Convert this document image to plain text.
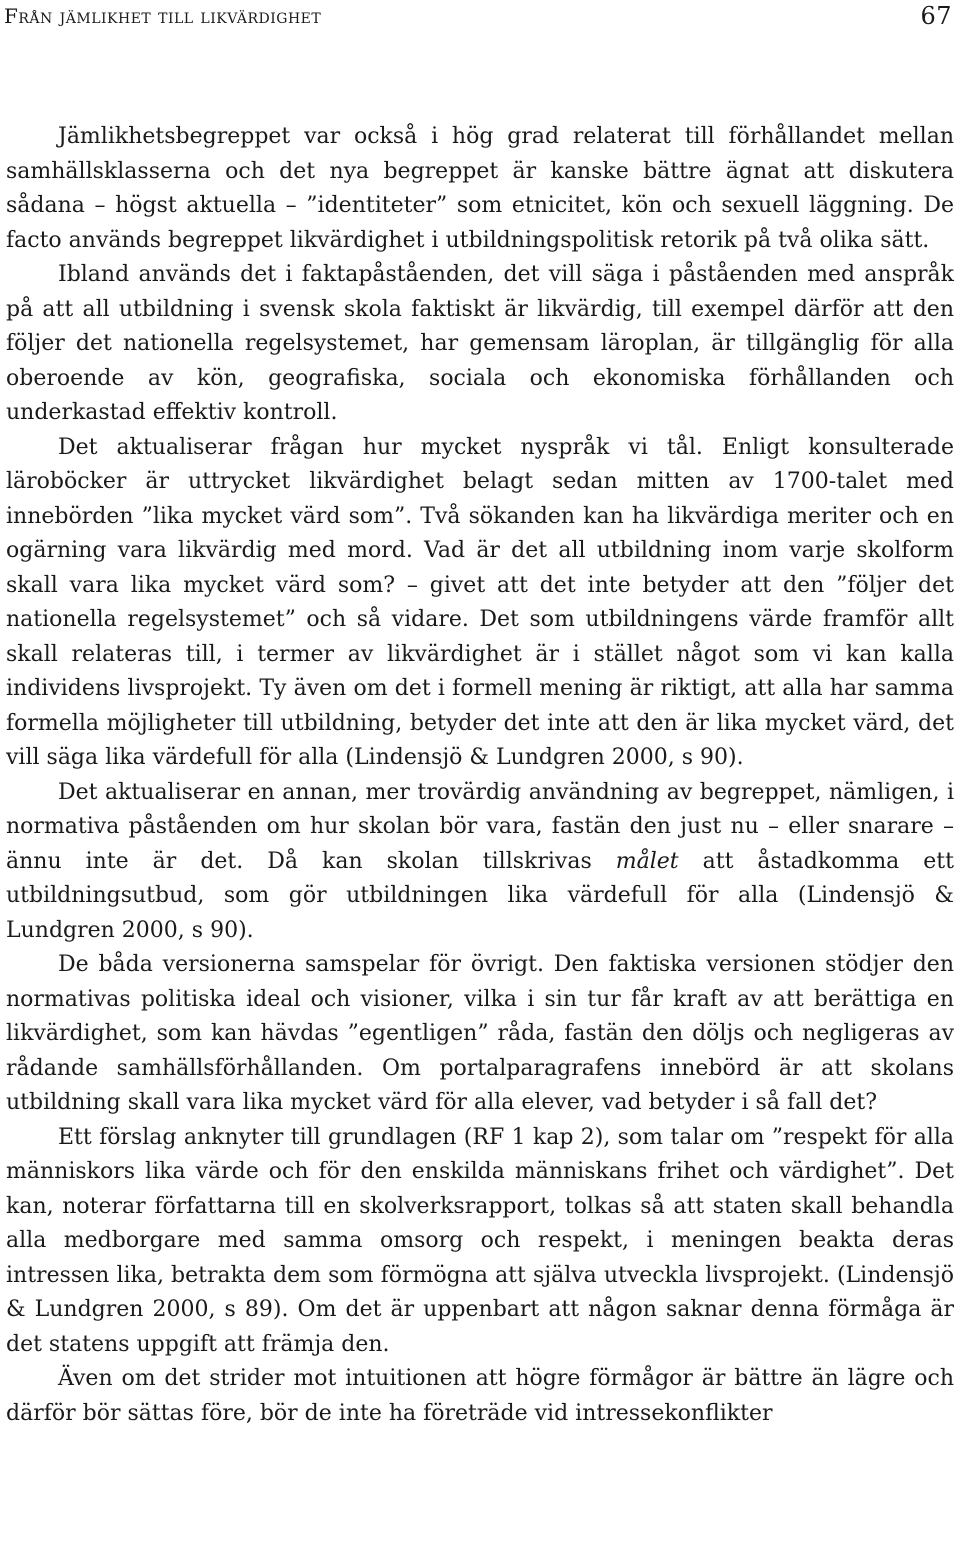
Från jämlikhet till likvärdighet	67

Jämlikhetsbegreppet var också i hög grad relaterat till förhållandet mellan samhällsklasserna och det nya begreppet är kanske bättre ägnat att diskutera sådana – högst aktuella – ”identiteter” som etnicitet, kön och sexuell läggning. De facto används begreppet likvärdighet i utbildningspolitisk retorik på två olika sätt.

Ibland används det i faktapåståenden, det vill säga i påståenden med anspråk på att all utbildning i svensk skola faktiskt är likvärdig, till exempel därför att den följer det nationella regelsystemet, har gemensam läroplan, är tillgänglig för alla oberoende av kön, geografiska, sociala och ekonomiska förhållanden och underkastad effektiv kontroll.

Det aktualiserar frågan hur mycket nyspråk vi tål. Enligt konsulterade läroböcker är uttrycket likvärdighet belagt sedan mitten av 1700-talet med innebörden ”lika mycket värd som”. Två sökanden kan ha likvärdiga meriter och en ogärning vara likvärdig med mord. Vad är det all utbildning inom varje skolform skall vara lika mycket värd som? – givet att det inte betyder att den ”följer det nationella regelsystemet” och så vidare. Det som utbildningens värde framför allt skall relateras till, i termer av likvärdighet är i stället något som vi kan kalla individens livsprojekt. Ty även om det i formell mening är riktigt, att alla har samma formella möjligheter till utbildning, betyder det inte att den är lika mycket värd, det vill säga lika värdefull för alla (Lindensjö & Lundgren 2000, s 90).

Det aktualiserar en annan, mer trovärdig användning av begreppet, nämligen, i normativa påståenden om hur skolan bör vara, fastän den just nu – eller snarare – ännu inte är det. Då kan skolan tillskrivas målet att åstadkomma ett utbildningsutbud, som gör utbildningen lika värdefull för alla (Lindensjö & Lundgren 2000, s 90).

De båda versionerna samspelar för övrigt. Den faktiska versionen stödjer den normativas politiska ideal och visioner, vilka i sin tur får kraft av att berättiga en likvärdighet, som kan hävdas ”egentligen” råda, fastän den döljs och negligeras av rådande samhällsförhållanden. Om portalparagrafens innebörd är att skolans utbildning skall vara lika mycket värd för alla elever, vad betyder i så fall det?

Ett förslag anknyter till grundlagen (RF 1 kap 2), som talar om ”respekt för alla människors lika värde och för den enskilda människans frihet och värdighet”. Det kan, noterar författarna till en skolverksrapport, tolkas så att staten skall behandla alla medborgare med samma omsorg och respekt, i meningen beakta deras intressen lika, betrakta dem som förmögna att själva utveckla livsprojekt. (Lindensjö & Lundgren 2000, s 89). Om det är uppenbart att någon saknar denna förmåga är det statens uppgift att främja den.

Även om det strider mot intuitionen att högre förmågor är bättre än lägre och därför bör sättas före, bör de inte ha företräde vid intressekonflikter
